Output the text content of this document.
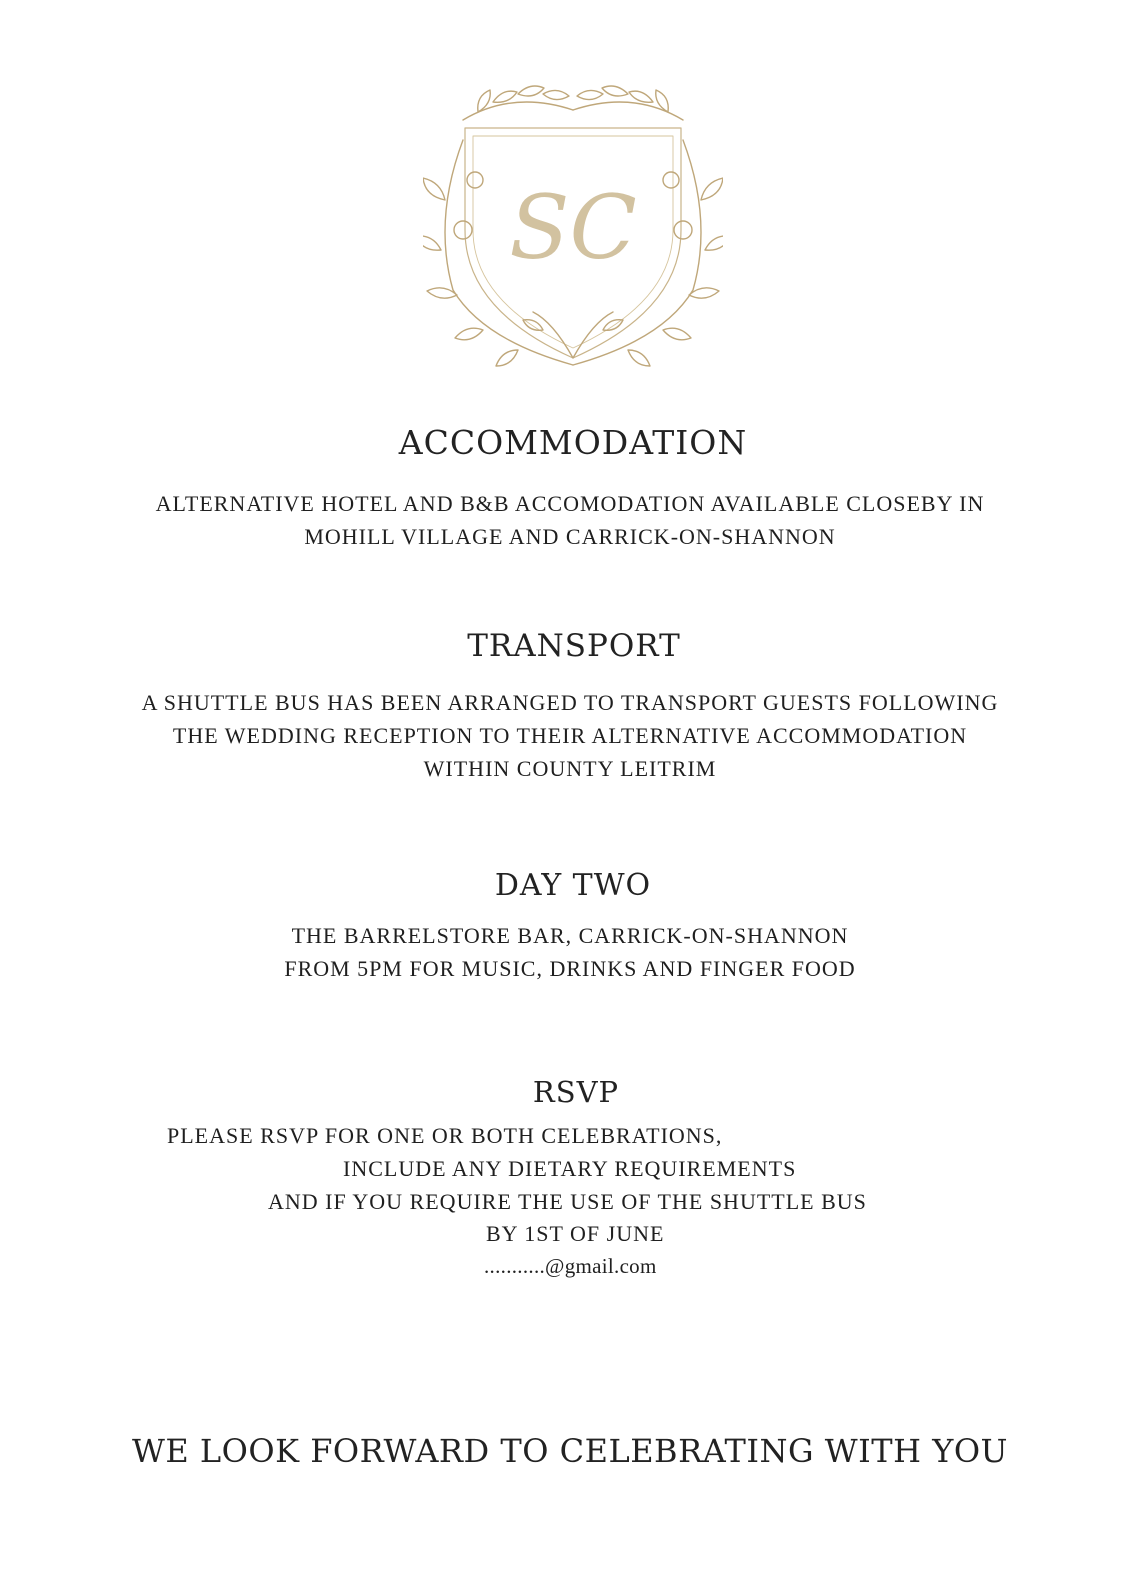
SC
ACCOMMODATION
ALTERNATIVE HOTEL AND B&B ACCOMODATION AVAILABLE CLOSEBY IN
MOHILL VILLAGE AND CARRICK-ON-SHANNON
TRANSPORT
A SHUTTLE BUS HAS BEEN ARRANGED TO TRANSPORT GUESTS FOLLOWING
THE WEDDING RECEPTION TO THEIR ALTERNATIVE ACCOMMODATION
WITHIN COUNTY LEITRIM
DAY TWO
THE BARRELSTORE BAR, CARRICK-ON-SHANNON
FROM 5PM FOR MUSIC, DRINKS AND FINGER FOOD
RSVP
PLEASE RSVP FOR ONE OR BOTH CELEBRATIONS,
INCLUDE ANY DIETARY REQUIREMENTS
AND IF YOU REQUIRE THE USE OF THE SHUTTLE BUS
BY 1ST OF JUNE
...........@gmail.com
WE LOOK FORWARD TO CELEBRATING WITH YOU
